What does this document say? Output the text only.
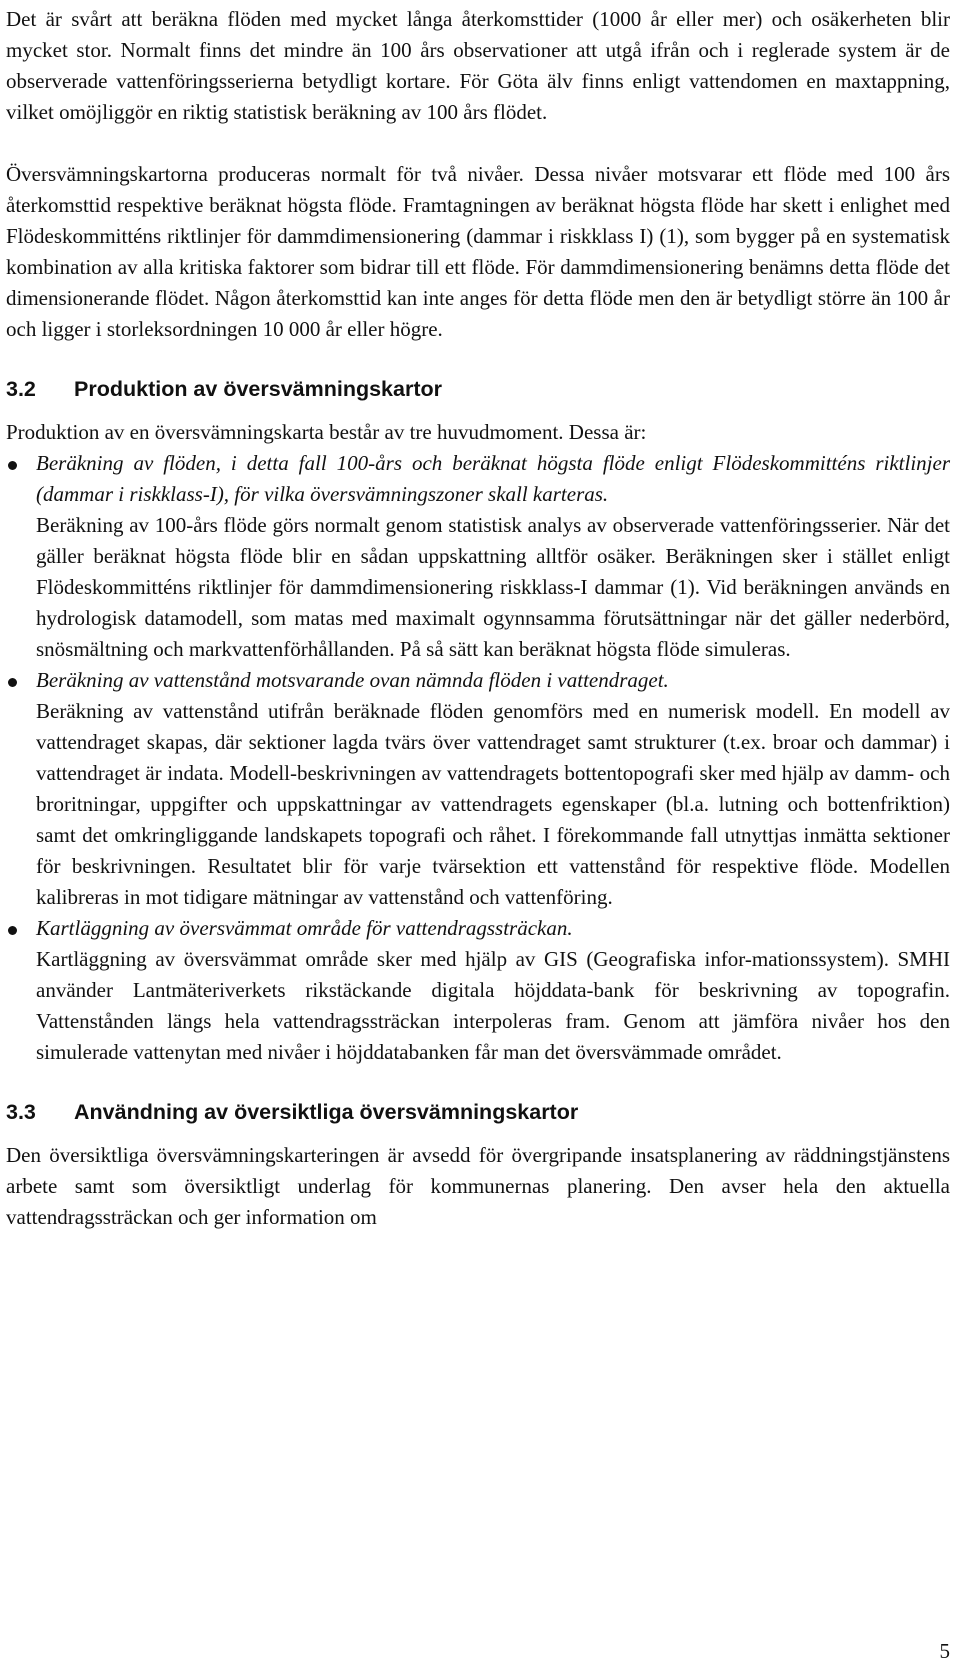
Det är svårt att beräkna flöden med mycket långa återkomsttider (1000 år eller mer) och osäkerheten blir mycket stor. Normalt finns det mindre än 100 års observationer att utgå ifrån och i reglerade system är de observerade vattenföringsserierna betydligt kortare. För Göta älv finns enligt vattendomen en maxtappning, vilket omöjliggör en riktig statistisk beräkning av 100 års flödet.

Översvämningskartorna produceras normalt för två nivåer. Dessa nivåer motsvarar ett flöde med 100 års återkomsttid respektive beräknat högsta flöde. Framtagningen av beräknat högsta flöde har skett i enlighet med Flödeskommitténs riktlinjer för dammdimensionering (dammar i riskklass I) (1), som bygger på en systematisk kombination av alla kritiska faktorer som bidrar till ett flöde. För dammdimensionering benämns detta flöde det dimensionerande flödet. Någon återkomsttid kan inte anges för detta flöde men den är betydligt större än 100 år och ligger i storleksordningen 10 000 år eller högre.

3.2 Produktion av översvämningskartor

Produktion av en översvämningskarta består av tre huvudmoment. Dessa är:

Beräkning av flöden, i detta fall 100-års och beräknat högsta flöde enligt Flödeskommitténs riktlinjer (dammar i riskklass-I), för vilka översvämningszoner skall karteras.

Beräkning av 100-års flöde görs normalt genom statistisk analys av observerade vattenföringsserier. När det gäller beräknat högsta flöde blir en sådan uppskattning alltför osäker. Beräkningen sker i stället enligt Flödeskommitténs riktlinjer för dammdimensionering riskklass-I dammar (1). Vid beräkningen används en hydrologisk datamodell, som matas med maximalt ogynnsamma förutsättningar när det gäller nederbörd, snösmältning och markvattenförhållanden. På så sätt kan beräknat högsta flöde simuleras.

Beräkning av vattenstånd motsvarande ovan nämnda flöden i vattendraget.

Beräkning av vattenstånd utifrån beräknade flöden genomförs med en numerisk modell. En modell av vattendraget skapas, där sektioner lagda tvärs över vattendraget samt strukturer (t.ex. broar och dammar) i vattendraget är indata. Modell-beskrivningen av vattendragets bottentopografi sker med hjälp av damm- och broritningar, uppgifter och uppskattningar av vattendragets egenskaper (bl.a. lutning och bottenfriktion) samt det omkringliggande landskapets topografi och råhet. I förekommande fall utnyttjas inmätta sektioner för beskrivningen. Resultatet blir för varje tvärsektion ett vattenstånd för respektive flöde. Modellen kalibreras in mot tidigare mätningar av vattenstånd och vattenföring.

Kartläggning av översvämmat område för vattendragssträckan.

Kartläggning av översvämmat område sker med hjälp av GIS (Geografiska infor-mationssystem). SMHI använder Lantmäteriverkets rikstäckande digitala höjddata-bank för beskrivning av topografin. Vattenstånden längs hela vattendragssträckan interpoleras fram. Genom att jämföra nivåer hos den simulerade vattenytan med nivåer i höjddatabanken får man det översvämmade området.

3.3 Användning av översiktliga översvämningskartor

Den översiktliga översvämningskarteringen är avsedd för övergripande insatsplanering av räddningstjänstens arbete samt som översiktligt underlag för kommunernas planering. Den avser hela den aktuella vattendragssträckan och ger information om

5
